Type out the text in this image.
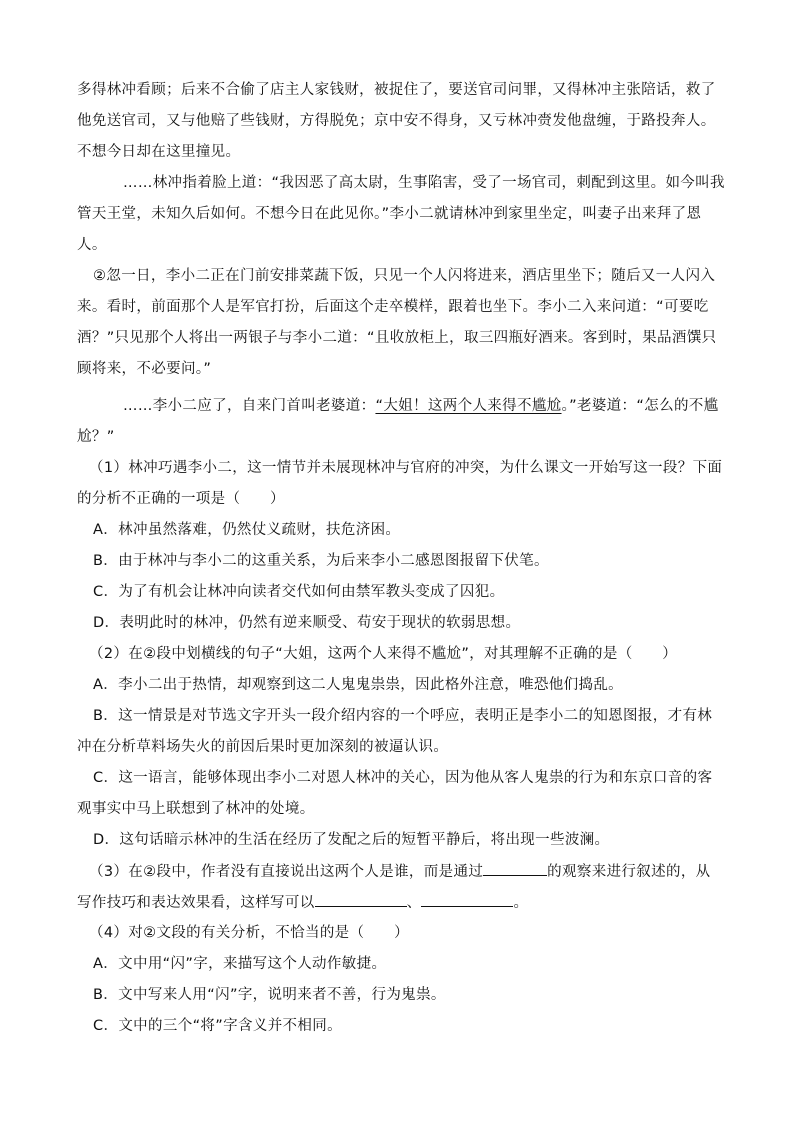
多得林冲看顾；后来不合偷了店主人家钱财，被捉住了，要送官司问罪，又得林冲主张陪话，救了
他免送官司，又与他赔了些钱财，方得脱免；京中安不得身，又亏林冲赍发他盘缠，于路投奔人。
不想今日却在这里撞见。
……林冲指着脸上道：“我因恶了高太尉，生事陷害，受了一场官司，刺配到这里。如今叫我
管天王堂，未知久后如何。不想今日在此见你。”李小二就请林冲到家里坐定，叫妻子出来拜了恩
人。
②忽一日，李小二正在门前安排菜蔬下饭，只见一个人闪将进来，酒店里坐下；随后又一人闪入
来。看时，前面那个人是军官打扮，后面这个走卒模样，跟着也坐下。李小二入来问道：“可要吃
酒？”只见那个人将出一两银子与李小二道：“且收放柜上，取三四瓶好酒来。客到时，果品酒馔只
顾将来，不必要问。”
……李小二应了，自来门首叫老婆道：“大姐！这两个人来得不尴尬。”老婆道：“怎么的不尴
尬？”
（1）林冲巧遇李小二，这一情节并未展现林冲与官府的冲突，为什么课文一开始写这一段？下面
的分析不正确的一项是（　　）
A．林冲虽然落难，仍然仗义疏财，扶危济困。
B．由于林冲与李小二的这重关系，为后来李小二感恩图报留下伏笔。
C．为了有机会让林冲向读者交代如何由禁军教头变成了囚犯。
D．表明此时的林冲，仍然有逆来顺受、苟安于现状的软弱思想。
（2）在②段中划横线的句子“大姐，这两个人来得不尴尬”，对其理解不正确的是（　　）
A．李小二出于热情，却观察到这二人鬼鬼祟祟，因此格外注意，唯恐他们捣乱。
B．这一情景是对节选文字开头一段介绍内容的一个呼应，表明正是李小二的知恩图报，才有林
冲在分析草料场失火的前因后果时更加深刻的被逼认识。
C．这一语言，能够体现出李小二对恩人林冲的关心，因为他从客人鬼祟的行为和东京口音的客
观事实中马上联想到了林冲的处境。
D．这句话暗示林冲的生活在经历了发配之后的短暂平静后，将出现一些波澜。
（3）在②段中，作者没有直接说出这两个人是谁，而是通过	的观察来进行叙述的，从
写作技巧和表达效果看，这样写可以	、	。
（4）对②文段的有关分析，不恰当的是（　　）
A．文中用“闪”字，来描写这个人动作敏捷。
B．文中写来人用“闪”字，说明来者不善，行为鬼祟。
C．文中的三个“将”字含义并不相同。
